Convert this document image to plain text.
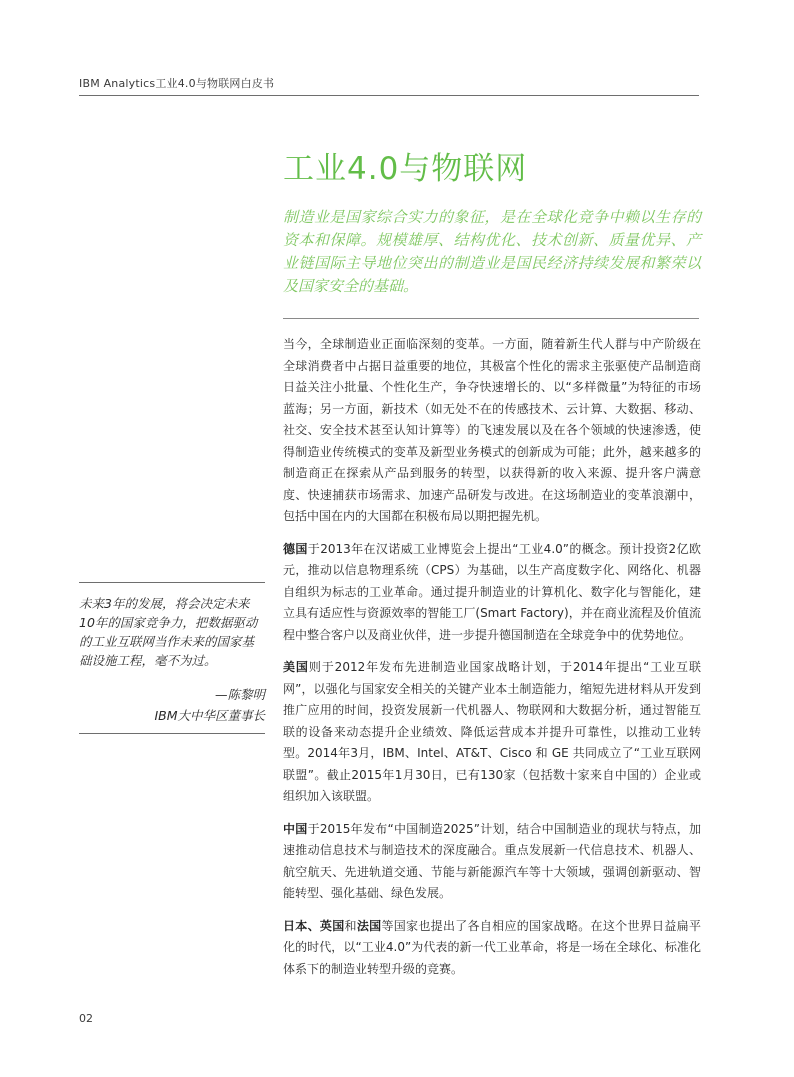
IBM Analytics工业4.0与物联网白皮书
工业4.0与物联网

制造业是国家综合实力的象征，是在全球化竞争中赖以生存的资本和保障。规模雄厚、结构优化、技术创新、质量优异、产业链国际主导地位突出的制造业是国民经济持续发展和繁荣以及国家安全的基础。

未来3年的发展，将会决定未来10年的国家竞争力，把数据驱动的工业互联网当作未来的国家基础设施工程，毫不为过。

—陈黎明
IBM大中华区董事长

当今，全球制造业正面临深刻的变革。一方面，随着新生代人群与中产阶级在全球消费者中占据日益重要的地位，其极富个性化的需求主张驱使产品制造商日益关注小批量、个性化生产，争夺快速增长的、以“多样微量”为特征的市场蓝海；另一方面，新技术（如无处不在的传感技术、云计算、大数据、移动、社交、安全技术甚至认知计算等）的飞速发展以及在各个领域的快速渗透，使得制造业传统模式的变革及新型业务模式的创新成为可能；此外，越来越多的制造商正在探索从产品到服务的转型，以获得新的收入来源、提升客户满意度、快速捕获市场需求、加速产品研发与改进。在这场制造业的变革浪潮中，包括中国在内的大国都在积极布局以期把握先机。

德国于2013年在汉诺威工业博览会上提出“工业4.0”的概念。预计投资2亿欧元，推动以信息物理系统（CPS）为基础，以生产高度数字化、网络化、机器自组织为标志的工业革命。通过提升制造业的计算机化、数字化与智能化，建立具有适应性与资源效率的智能工厂(Smart Factory)，并在商业流程及价值流程中整合客户以及商业伙伴，进一步提升德国制造在全球竞争中的优势地位。

美国则于2012年发布先进制造业国家战略计划，于2014年提出“工业互联网”，以强化与国家安全相关的关键产业本土制造能力，缩短先进材料从开发到推广应用的时间，投资发展新一代机器人、物联网和大数据分析，通过智能互联的设备来动态提升企业绩效、降低运营成本并提升可靠性，以推动工业转型。2014年3月，IBM、Intel、AT&T、Cisco 和 GE 共同成立了“工业互联网联盟”。截止2015年1月30日，已有130家（包括数十家来自中国的）企业或组织加入该联盟。

中国于2015年发布“中国制造2025”计划，结合中国制造业的现状与特点，加速推动信息技术与制造技术的深度融合。重点发展新一代信息技术、机器人、航空航天、先进轨道交通、节能与新能源汽车等十大领域，强调创新驱动、智能转型、强化基础、绿色发展。

日本、英国和法国等国家也提出了各自相应的国家战略。在这个世界日益扁平化的时代，以“工业4.0”为代表的新一代工业革命，将是一场在全球化、标准化体系下的制造业转型升级的竞赛。

02
